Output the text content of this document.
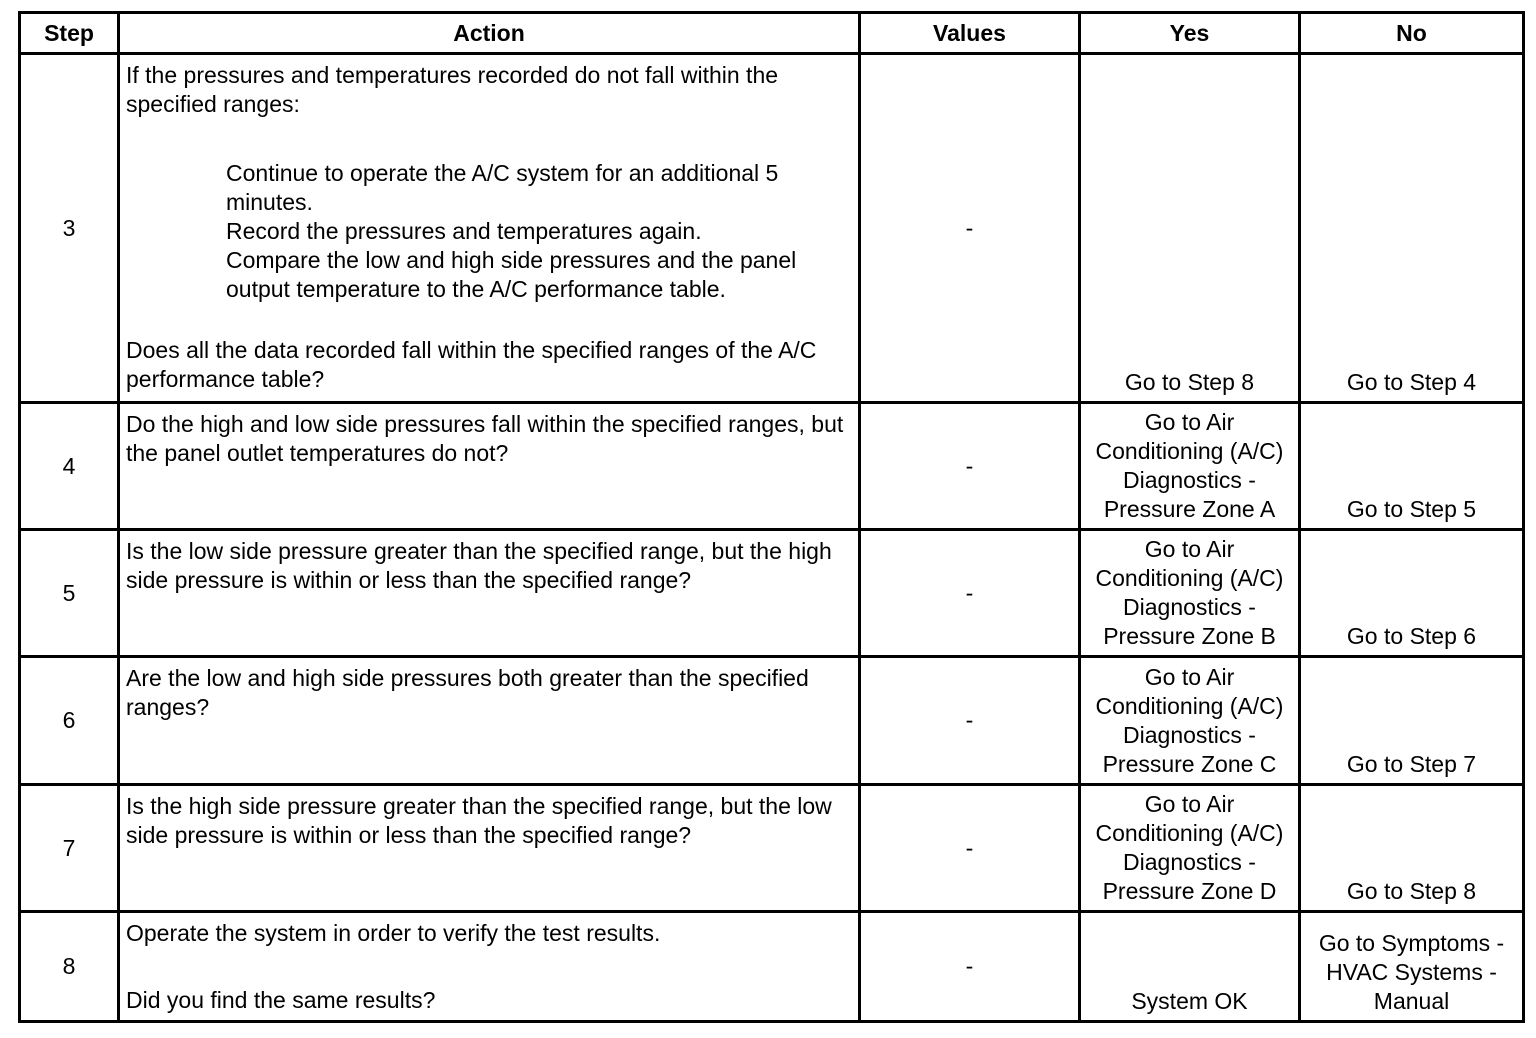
Step	Action	Values	Yes	No
3	If the pressures and temperatures recorded do not fall within the specified ranges:

Continue to operate the A/C system for an additional 5 minutes.

Record the pressures and temperatures again.

Compare the low and high side pressures and the panel output temperature to the A/C performance table.

Does all the data recorded fall within the specified ranges of the A/C performance table?	-	Go to Step 8	Go to Step 4
4	Do the high and low side pressures fall within the specified ranges, but the panel outlet temperatures do not?	-	Go to Air Conditioning (A/C) Diagnostics - Pressure Zone A	Go to Step 5
5	Is the low side pressure greater than the specified range, but the high side pressure is within or less than the specified range?	-	Go to Air Conditioning (A/C) Diagnostics - Pressure Zone B	Go to Step 6
6	Are the low and high side pressures both greater than the specified ranges?	-	Go to Air Conditioning (A/C) Diagnostics - Pressure Zone C	Go to Step 7
7	Is the high side pressure greater than the specified range, but the low side pressure is within or less than the specified range?	-	Go to Air Conditioning (A/C) Diagnostics - Pressure Zone D	Go to Step 8
8	Operate the system in order to verify the test results.

Did you find the same results?	-	System OK	Go to Symptoms - HVAC Systems - Manual
